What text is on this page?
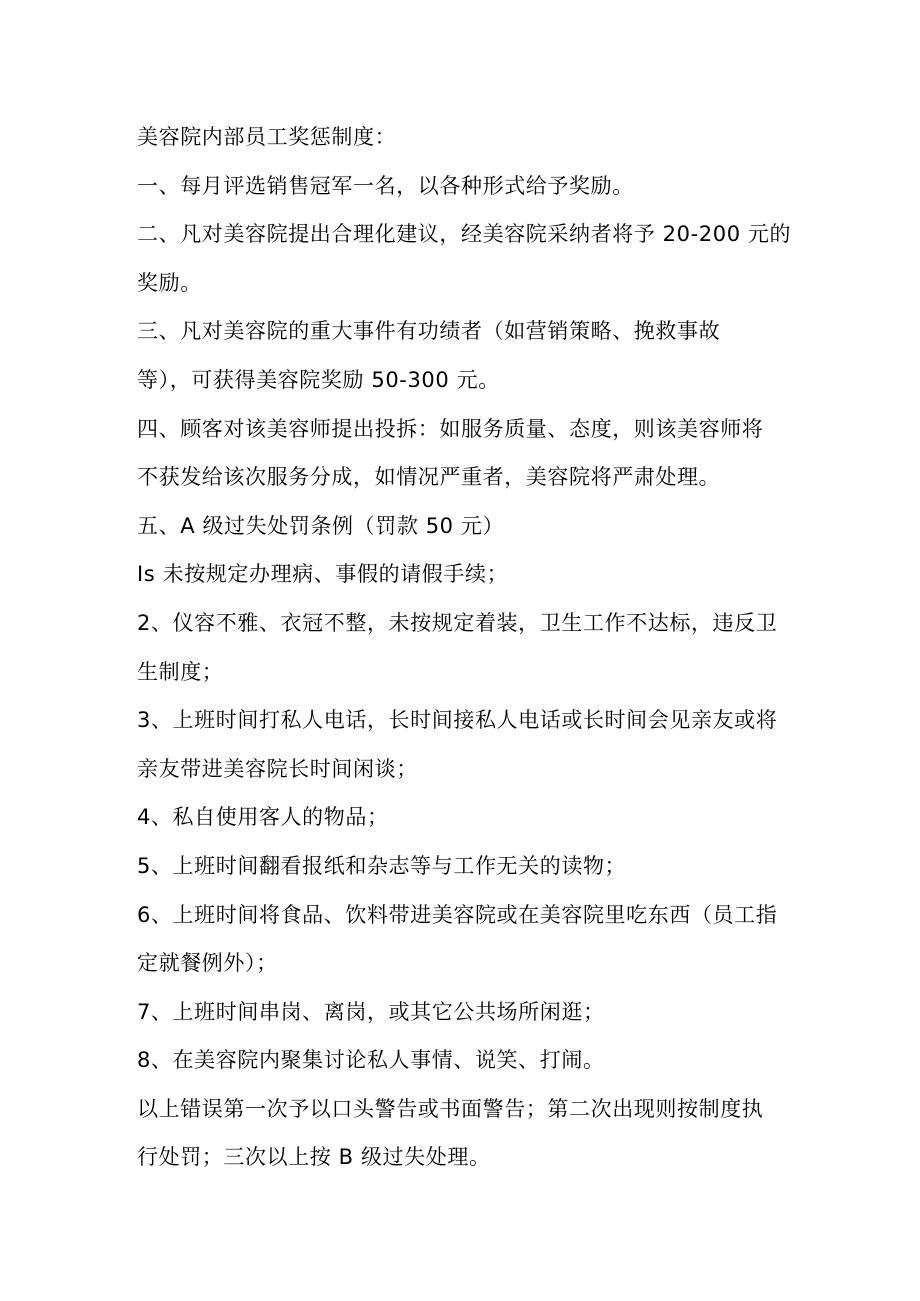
美容院内部员工奖惩制度：
一、每月评选销售冠军一名，以各种形式给予奖励。
二、凡对美容院提出合理化建议，经美容院采纳者将予 20-200 元的
奖励。
三、凡对美容院的重大事件有功绩者（如营销策略、挽救事故
等），可获得美容院奖励 50-300 元。
四、顾客对该美容师提出投拆：如服务质量、态度，则该美容师将
不获发给该次服务分成，如情况严重者，美容院将严肃处理。
五、A 级过失处罚条例（罚款 50 元）
Is 未按规定办理病、事假的请假手续；
2、仪容不雅、衣冠不整，未按规定着装，卫生工作不达标，违反卫
生制度；
3、上班时间打私人电话，长时间接私人电话或长时间会见亲友或将
亲友带进美容院长时间闲谈；
4、私自使用客人的物品；
5、上班时间翻看报纸和杂志等与工作无关的读物；
6、上班时间将食品、饮料带进美容院或在美容院里吃东西（员工指
定就餐例外）；
7、上班时间串岗、离岗，或其它公共场所闲逛；
8、在美容院内聚集讨论私人事情、说笑、打闹。
以上错误第一次予以口头警告或书面警告；第二次出现则按制度执
行处罚；三次以上按 B 级过失处理。
